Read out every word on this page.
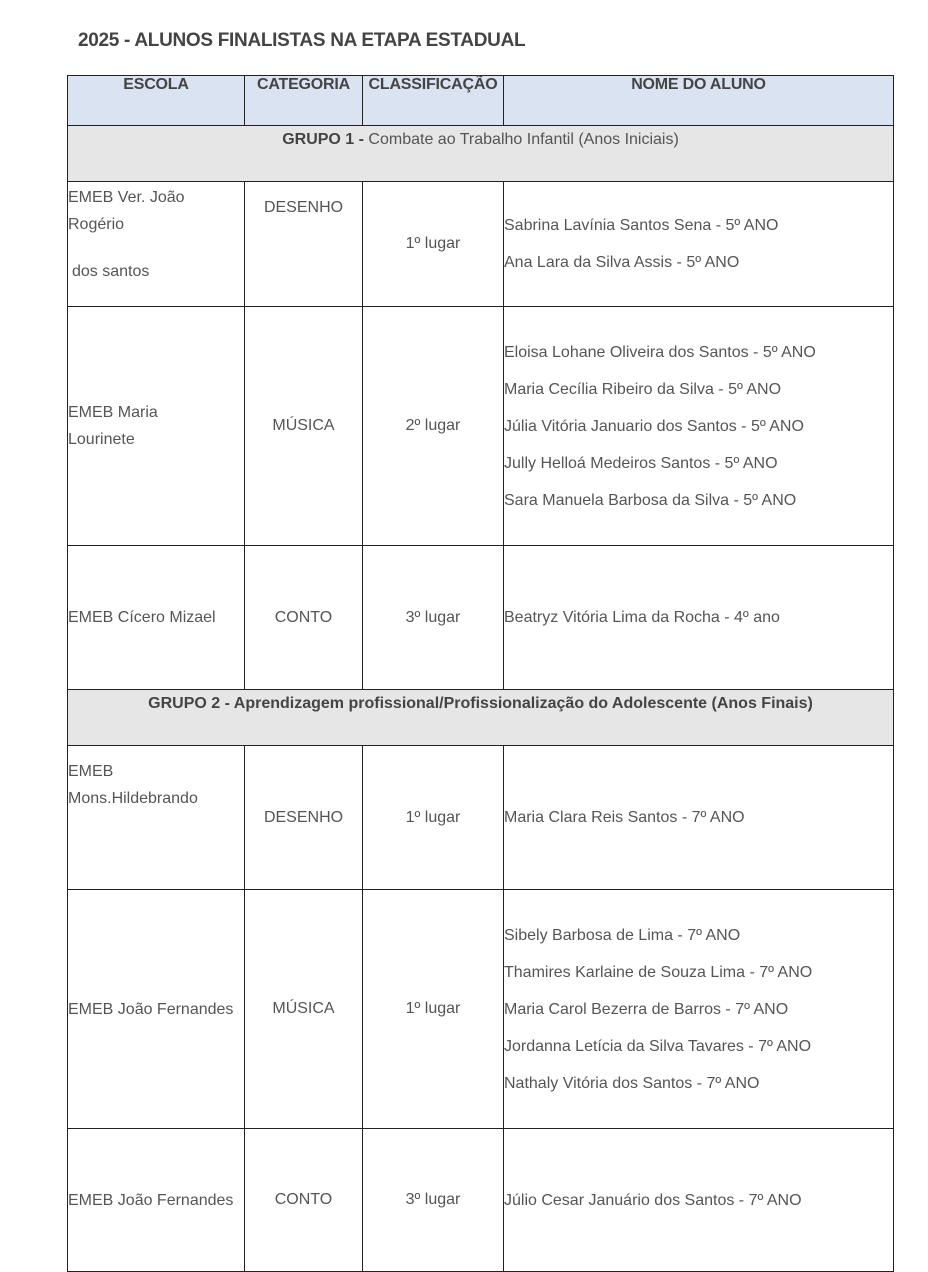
2025 - ALUNOS FINALISTAS NA ETAPA ESTADUAL
ESCOLA	CATEGORIA	CLASSIFICAÇÃO	NOME DO ALUNO
GRUPO 1 - Combate ao Trabalho Infantil (Anos Iniciais)			

EMEB Ver. João
Rogério
dos santos	DESENHO	1º lugar	Sabrina Lavínia Santos Sena - 5º ANO
Ana Lara da Silva Assis - 5º ANO

EMEB Maria
Lourinete	MÚSICA	2º lugar	Eloisa Lohane Oliveira dos Santos - 5º ANO
Maria Cecília Ribeiro da Silva - 5º ANO
Júlia Vitória Januario dos Santos - 5º ANO
Jully Helloá Medeiros Santos - 5º ANO
Sara Manuela Barbosa da Silva - 5º ANO

EMEB Cícero Mizael	CONTO	3º lugar	Beatryz Vitória Lima da Rocha - 4º ano

GRUPO 2 - Aprendizagem profissional/Profissionalização do Adolescente (Anos Finais)			

EMEB
Mons.Hildebrando	DESENHO	1º lugar	Maria Clara Reis Santos - 7º ANO

EMEB João Fernandes	MÚSICA	1º lugar	Sibely Barbosa de Lima - 7º ANO
Thamires Karlaine de Souza Lima - 7º ANO
Maria Carol Bezerra de Barros - 7º ANO
Jordanna Letícia da Silva Tavares - 7º ANO
Nathaly Vitória dos Santos - 7º ANO

EMEB João Fernandes	CONTO	3º lugar	Júlio Cesar Januário dos Santos - 7º ANO
